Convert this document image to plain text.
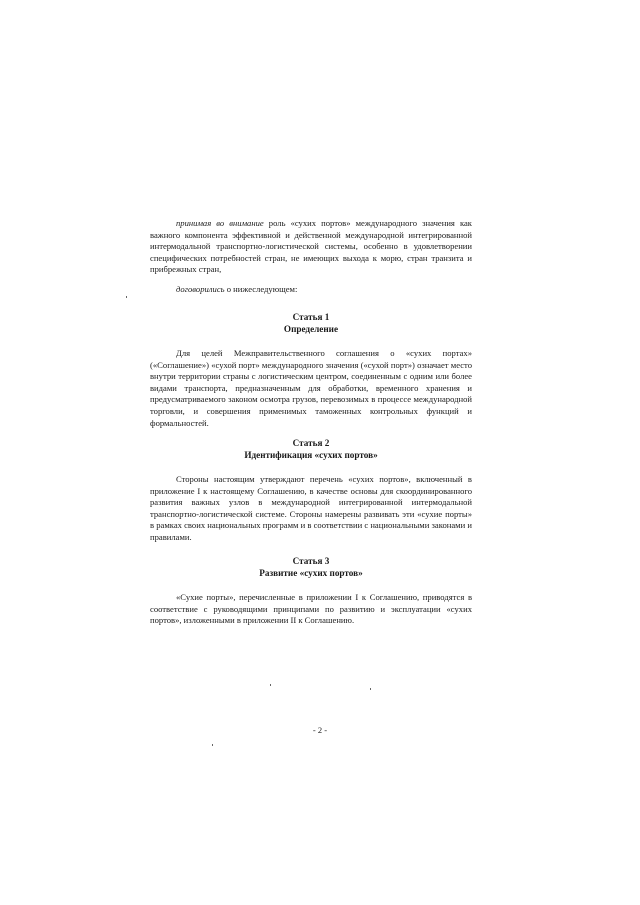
принимая во внимание роль «сухих портов» международного значения как важного компонента эффективной и действенной международной интегрированной интермодальной транспортно-логистической системы, особенно в удовлетворении специфических потребностей стран, не имеющих выхода к морю, стран транзита и прибрежных стран,

договорились о нижеследующем:

Статья 1
Определение

Для целей Межправительственного соглашения о «сухих портах» («Соглашение») «сухой порт» международного значения («сухой порт») означает место внутри территории страны с логистическим центром, соединенным с одним или более видами транспорта, предназначенным для обработки, временного хранения и предусматриваемого законом осмотра грузов, перевозимых в процессе международной торговли, и совершения применимых таможенных контрольных функций и формальностей.

Статья 2
Идентификация «сухих портов»

Стороны настоящим утверждают перечень «сухих портов», включенный в приложение I к настоящему Соглашению, в качестве основы для скоординированного развития важных узлов в международной интегрированной интермодальной транспортно-логистической системе. Стороны намерены развивать эти «сухие порты» в рамках своих национальных программ и в соответствии с национальными законами и правилами.

Статья 3
Развитие «сухих портов»

«Сухие порты», перечисленные в приложении I к Соглашению, приводятся в соответствие с руководящими принципами по развитию и эксплуатации «сухих портов», изложенными в приложении II к Соглашению.

- 2 -
